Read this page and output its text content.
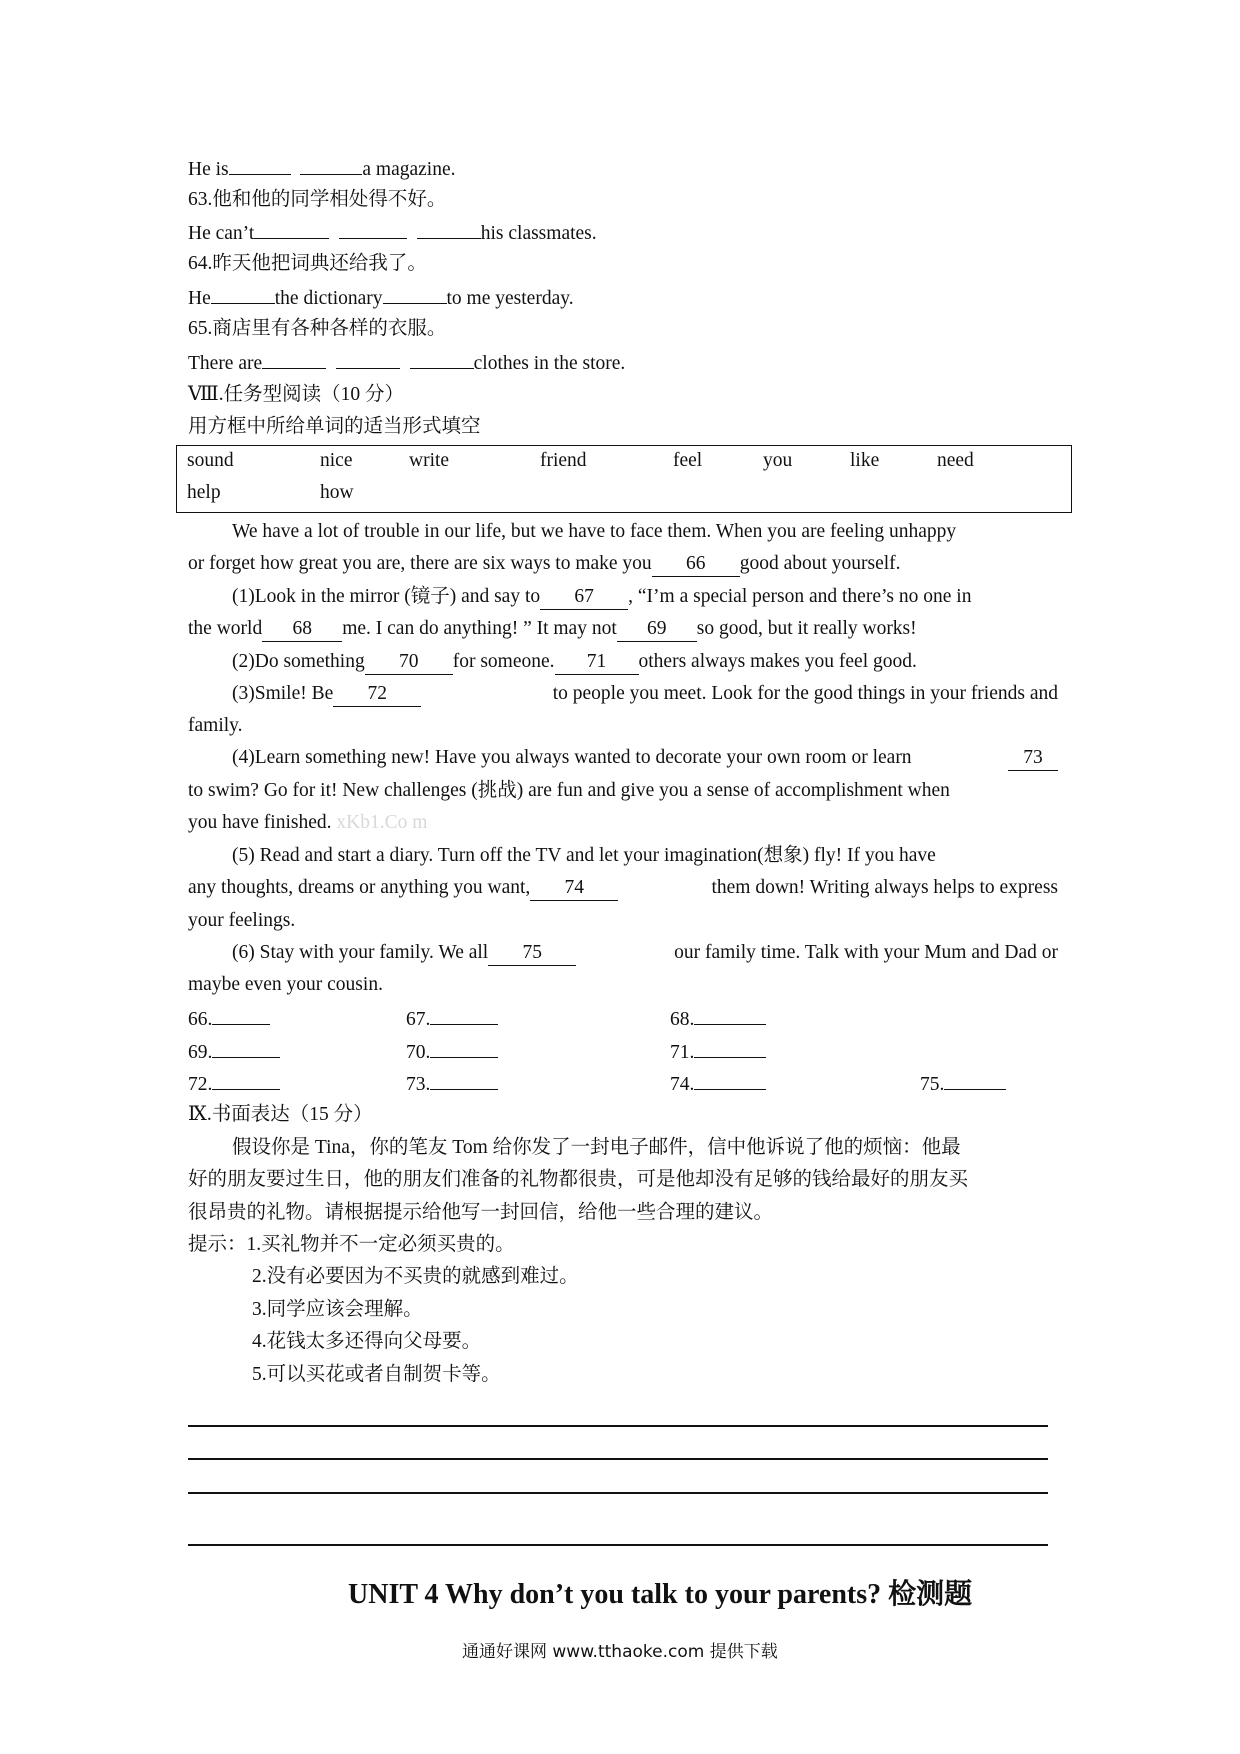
He is	a magazine.
63.他和他的同学相处得不好。
He can’t	his classmates.
64.昨天他把词典还给我了。
He	the dictionary	to me yesterday.
65.商店里有各种各样的衣服。
There are	clothes in the store.
Ⅷ.任务型阅读（10 分）
用方框中所给单词的适当形式填空
sound	nice	write	friend	feel	you	like	need
help	how
We have a lot of trouble in our life, but we have to face them. When you are feeling unhappy
or forget how great you are, there are six ways to make you 66 good about yourself.
(1)Look in the mirror (镜子) and say to 67 , “I’m a special person and there’s no one in
the world 68 me. I can do anything! ” It may not 69 so good, but it really works!
(2)Do something 70 for someone. 71 others always makes you feel good.
(3)Smile! Be 72	to people you meet. Look for the good things in your friends and
family.
(4)Learn something new! Have you always wanted to decorate your own room or learn	73
to swim? Go for it! New challenges (挑战) are fun and give you a sense of accomplishment when
you have finished. xKb1.Co m
(5) Read and start a diary. Turn off the TV and let your imagination(想象) fly! If you have
any thoughts, dreams or anything you want, 74	them down! Writing always helps to express
your feelings.
(6) Stay with your family. We all 75	our family time. Talk with your Mum and Dad or
maybe even your cousin.
66.	67.	68.
69.	70.	71.
72.	73.	74.	75.
Ⅸ.书面表达（15 分）
假设你是 Tina，你的笔友 Tom 给你发了一封电子邮件，信中他诉说了他的烦恼：他最
好的朋友要过生日，他的朋友们准备的礼物都很贵，可是他却没有足够的钱给最好的朋友买
很昂贵的礼物。请根据提示给他写一封回信，给他一些合理的建议。
提示：1.买礼物并不一定必须买贵的。
2.没有必要因为不买贵的就感到难过。
3.同学应该会理解。
4.花钱太多还得向父母要。
5.可以买花或者自制贺卡等。
UNIT 4 Why don’t you talk to your parents? 检测题
通通好课网 www.tthaoke.com 提供下载
